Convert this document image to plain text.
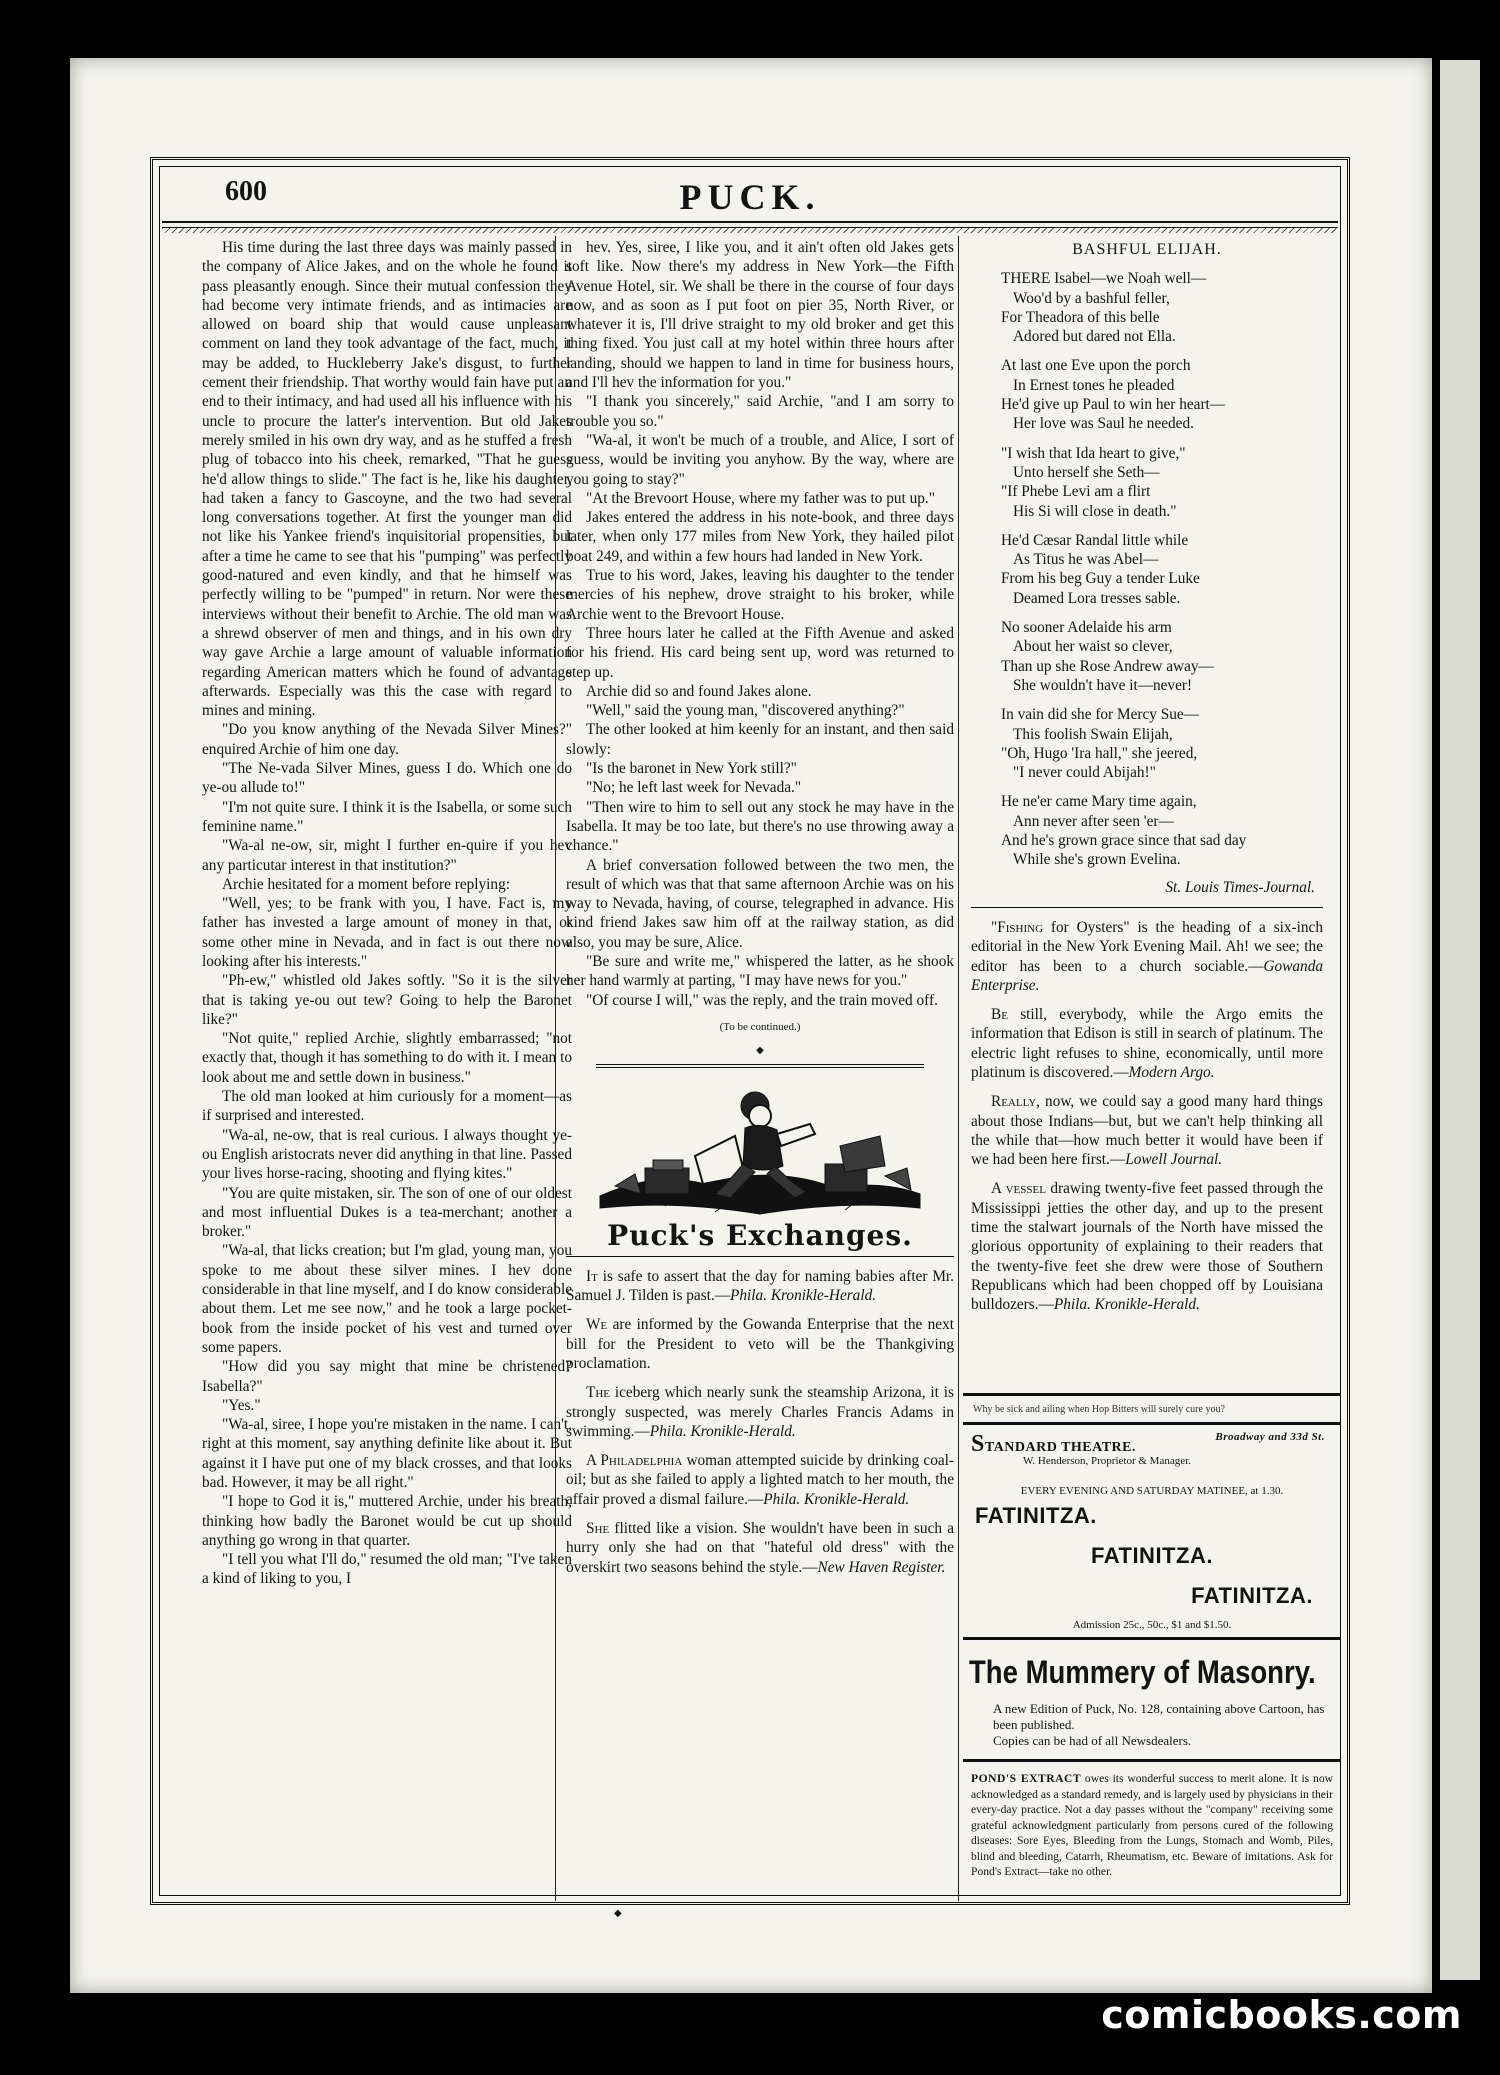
600	PUCK.

His time during the last three days was mainly passed in the company of Alice Jakes, and on the whole he found it pass pleasantly enough. Since their mutual confession they had become very intimate friends, and as intimacies are allowed on board ship that would cause unpleasant comment on land they took advantage of the fact, much, it may be added, to Huckleberry Jake's disgust, to further cement their friendship. That worthy would fain have put an end to their intimacy, and had used all his influence with his uncle to procure the latter's intervention. But old Jakes merely smiled in his own dry way, and as he stuffed a fresh plug of tobacco into his cheek, remarked, "That he guess he'd allow things to slide." The fact is he, like his daughter, had taken a fancy to Gascoyne, and the two had several long conversations together. At first the younger man did not like his Yankee friend's inquisitorial propensities, but after a time he came to see that his "pumping" was perfectly good-natured and even kindly, and that he himself was perfectly willing to be "pumped" in return. Nor were these interviews without their benefit to Archie. The old man was a shrewd observer of men and things, and in his own dry way gave Archie a large amount of valuable information regarding American matters which he found of advantage afterwards. Especially was this the case with regard to mines and mining.

"Do you know anything of the Nevada Silver Mines?" enquired Archie of him one day.

"The Ne-vada Silver Mines, guess I do. Which one do ye-ou allude to!"

"I'm not quite sure. I think it is the Isabella, or some such feminine name."

"Wa-al ne-ow, sir, might I further en-quire if you hev any particutar interest in that institution?"

Archie hesitated for a moment before replying:

"Well, yes; to be frank with you, I have. Fact is, my father has invested a large amount of money in that, or some other mine in Nevada, and in fact is out there now looking after his interests."

"Ph-ew," whistled old Jakes softly. "So it is the silver that is taking ye-ou out tew? Going to help the Baronet like?"

"Not quite," replied Archie, slightly embarrassed; "not exactly that, though it has something to do with it. I mean to look about me and settle down in business."

The old man looked at him curiously for a moment—as if surprised and interested.

"Wa-al, ne-ow, that is real curious. I always thought ye-ou English aristocrats never did anything in that line. Passed your lives horse-racing, shooting and flying kites."

"You are quite mistaken, sir. The son of one of our oldest and most influential Dukes is a tea-merchant; another a broker."

"Wa-al, that licks creation; but I'm glad, young man, you spoke to me about these silver mines. I hev done considerable in that line myself, and I do know considerable about them. Let me see now," and he took a large pocket-book from the inside pocket of his vest and turned over some papers.

"How did you say might that mine be christened? Isabella?"

"Yes."

"Wa-al, siree, I hope you're mistaken in the name. I can't, right at this moment, say anything definite like about it. But against it I have put one of my black crosses, and that looks bad. However, it may be all right."

"I hope to God it is," muttered Archie, under his breath, thinking how badly the Baronet would be cut up should anything go wrong in that quarter.

"I tell you what I'll do," resumed the old man; "I've taken a kind of liking to you, I

hev. Yes, siree, I like you, and it ain't often old Jakes gets soft like. Now there's my address in New York—the Fifth Avenue Hotel, sir. We shall be there in the course of four days now, and as soon as I put foot on pier 35, North River, or whatever it is, I'll drive straight to my old broker and get this thing fixed. You just call at my hotel within three hours after landing, should we happen to land in time for business hours, and I'll hev the information for you."

"I thank you sincerely," said Archie, "and I am sorry to trouble you so."

"Wa-al, it won't be much of a trouble, and Alice, I sort of guess, would be inviting you anyhow. By the way, where are you going to stay?"

"At the Brevoort House, where my father was to put up."

Jakes entered the address in his note-book, and three days later, when only 177 miles from New York, they hailed pilot boat 249, and within a few hours had landed in New York.

True to his word, Jakes, leaving his daughter to the tender mercies of his nephew, drove straight to his broker, while Archie went to the Brevoort House.

Three hours later he called at the Fifth Avenue and asked for his friend. His card being sent up, word was returned to step up.

Archie did so and found Jakes alone.

"Well," said the young man, "discovered anything?"

The other looked at him keenly for an instant, and then said slowly:

"Is the baronet in New York still?"

"No; he left last week for Nevada."

"Then wire to him to sell out any stock he may have in the Isabella. It may be too late, but there's no use throwing away a chance."

A brief conversation followed between the two men, the result of which was that that same afternoon Archie was on his way to Nevada, having, of course, telegraphed in advance. His kind friend Jakes saw him off at the railway station, as did also, you may be sure, Alice.

"Be sure and write me," whispered the latter, as he shook her hand warmly at parting, "I may have news for you."

"Of course I will," was the reply, and the train moved off.

(To be continued.)
◆
Puck's Exchanges.
It is safe to assert that the day for naming babies after Mr. Samuel J. Tilden is past.—Phila. Kronikle-Herald.
We are informed by the Gowanda Enterprise that the next bill for the President to veto will be the Thankgiving proclamation.
The iceberg which nearly sunk the steamship Arizona, it is strongly suspected, was merely Charles Francis Adams in swimming.—Phila. Kronikle-Herald.
A Philadelphia woman attempted suicide by drinking coal-oil; but as she failed to apply a lighted match to her mouth, the affair proved a dismal failure.—Phila. Kronikle-Herald.
She flitted like a vision. She wouldn't have been in such a hurry only she had on that "hateful old dress" with the overskirt two seasons behind the style.—New Haven Register.
BASHFUL ELIJAH.
THERE Isabel—we Noah well—
Woo'd by a bashful feller,
For Theadora of this belle
Adored but dared not Ella.
At last one Eve upon the porch
In Ernest tones he pleaded
He'd give up Paul to win her heart—
Her love was Saul he needed.
"I wish that Ida heart to give,"
Unto herself she Seth—
"If Phebe Levi am a flirt
His Si will close in death."
He'd Cæsar Randal little while
As Titus he was Abel—
From his beg Guy a tender Luke
Deamed Lora tresses sable.
No sooner Adelaide his arm
About her waist so clever,
Than up she Rose Andrew away—
She wouldn't have it—never!
In vain did she for Mercy Sue—
This foolish Swain Elijah,
"Oh, Hugo 'Ira hall," she jeered,
"I never could Abijah!"
He ne'er came Mary time again,
Ann never after seen 'er—
And he's grown grace since that sad day
While she's grown Evelina.
St. Louis Times-Journal.
"Fishing for Oysters" is the heading of a six-inch editorial in the New York Evening Mail. Ah! we see; the editor has been to a church sociable.—Gowanda Enterprise.
Be still, everybody, while the Argo emits the information that Edison is still in search of platinum. The electric light refuses to shine, economically, until more platinum is discovered.—Modern Argo.
Really, now, we could say a good many hard things about those Indians—but, but we can't help thinking all the while that—how much better it would have been if we had been here first.—Lowell Journal.
A vessel drawing twenty-five feet passed through the Mississippi jetties the other day, and up to the present time the stalwart journals of the North have missed the glorious opportunity of explaining to their readers that the twenty-five feet she drew were those of Southern Republicans which had been chopped off by Louisiana bulldozers.—Phila. Kronikle-Herald.
Why be sick and ailing when Hop Bitters will surely cure you?
STANDARD THEATRE.
Broadway and 33d St.
W. Henderson, Proprietor & Manager.
EVERY EVENING AND SATURDAY MATINEE, at 1.30.
FATINITZA.
FATINITZA.
FATINITZA.
Admission 25c., 50c., $1 and $1.50.
The Mummery of Masonry.
A new Edition of Puck, No. 128, containing above Cartoon, has been published.
Copies can be had of all Newsdealers.
POND'S EXTRACT owes its wonderful success to merit alone. It is now acknowledged as a standard remedy, and is largely used by physicians in their every-day practice. Not a day passes without the "company" receiving some grateful acknowledgment particularly from persons cured of the following diseases: Sore Eyes, Bleeding from the Lungs, Stomach and Womb, Piles, blind and bleeding, Catarrh, Rheumatism, etc. Beware of imitations. Ask for Pond's Extract—take no other.
◆
comicbooks.com
